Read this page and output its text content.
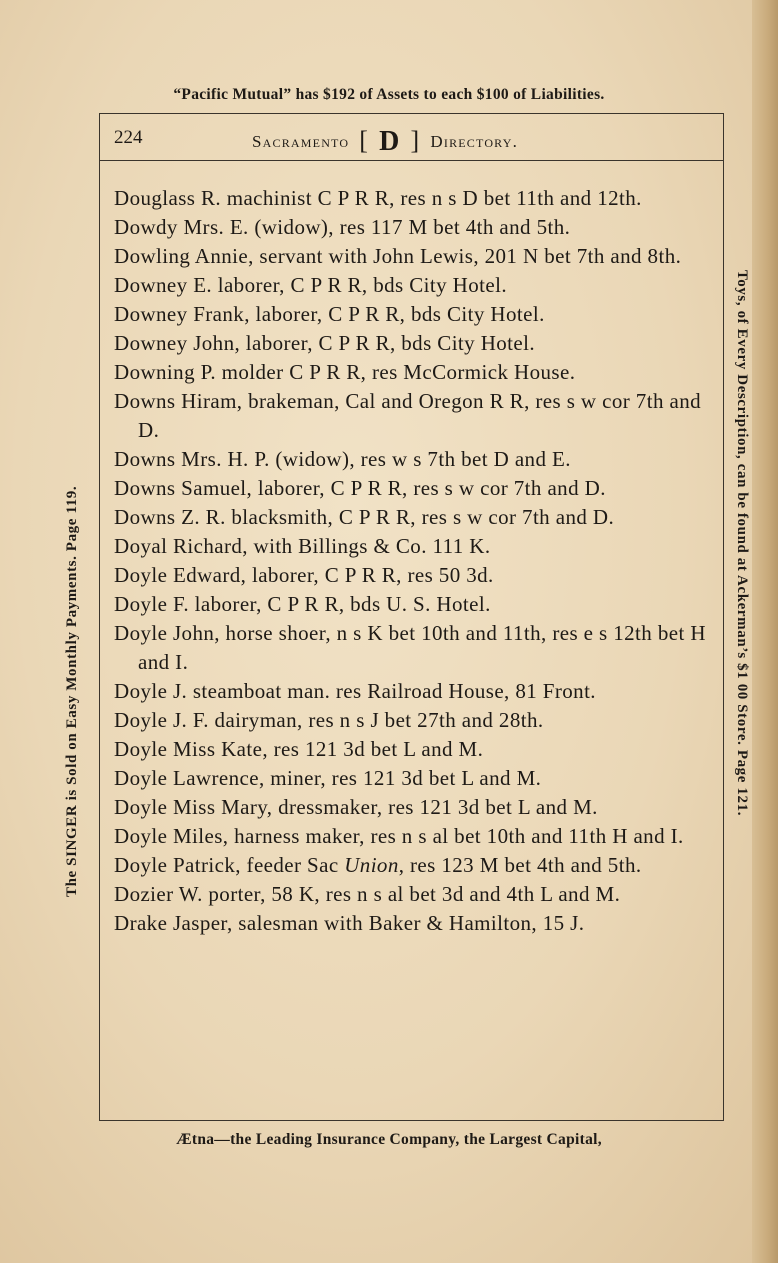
“Pacific Mutual” has $192 of Assets to each $100 of Liabilities.
The SINGER is Sold on Easy Monthly Payments. Page 119.	Toys, of Every Description, can be found at Ackerman’s $1 00 Store. Page 121.
224	Sacramento [ D ] Directory.
Douglass R. machinist C P R R, res n s D bet 11th and 12th.
Dowdy Mrs. E. (widow), res 117 M bet 4th and 5th.
Dowling Annie, servant with John Lewis, 201 N bet 7th and 8th.
Downey E. laborer, C P R R, bds City Hotel.
Downey Frank, laborer, C P R R, bds City Hotel.
Downey John, laborer, C P R R, bds City Hotel.
Downing P. molder C P R R, res McCormick House.
Downs Hiram, brakeman, Cal and Oregon R R, res s w cor 7th and D.
Downs Mrs. H. P. (widow), res w s 7th bet D and E.
Downs Samuel, laborer, C P R R, res s w cor 7th and D.
Downs Z. R. blacksmith, C P R R, res s w cor 7th and D.
Doyal Richard, with Billings & Co. 111 K.
Doyle Edward, laborer, C P R R, res 50 3d.
Doyle F. laborer, C P R R, bds U. S. Hotel.
Doyle John, horse shoer, n s K bet 10th and 11th, res e s 12th bet H and I.
Doyle J. steamboat man. res Railroad House, 81 Front.
Doyle J. F. dairyman, res n s J bet 27th and 28th.
Doyle Miss Kate, res 121 3d bet L and M.
Doyle Lawrence, miner, res 121 3d bet L and M.
Doyle Miss Mary, dressmaker, res 121 3d bet L and M.
Doyle Miles, harness maker, res n s al bet 10th and 11th H and I.
Doyle Patrick, feeder Sac Union, res 123 M bet 4th and 5th.
Dozier W. porter, 58 K, res n s al bet 3d and 4th L and M.
Drake Jasper, salesman with Baker & Hamilton, 15 J.
Ætna—the Leading Insurance Company, the Largest Capital,
